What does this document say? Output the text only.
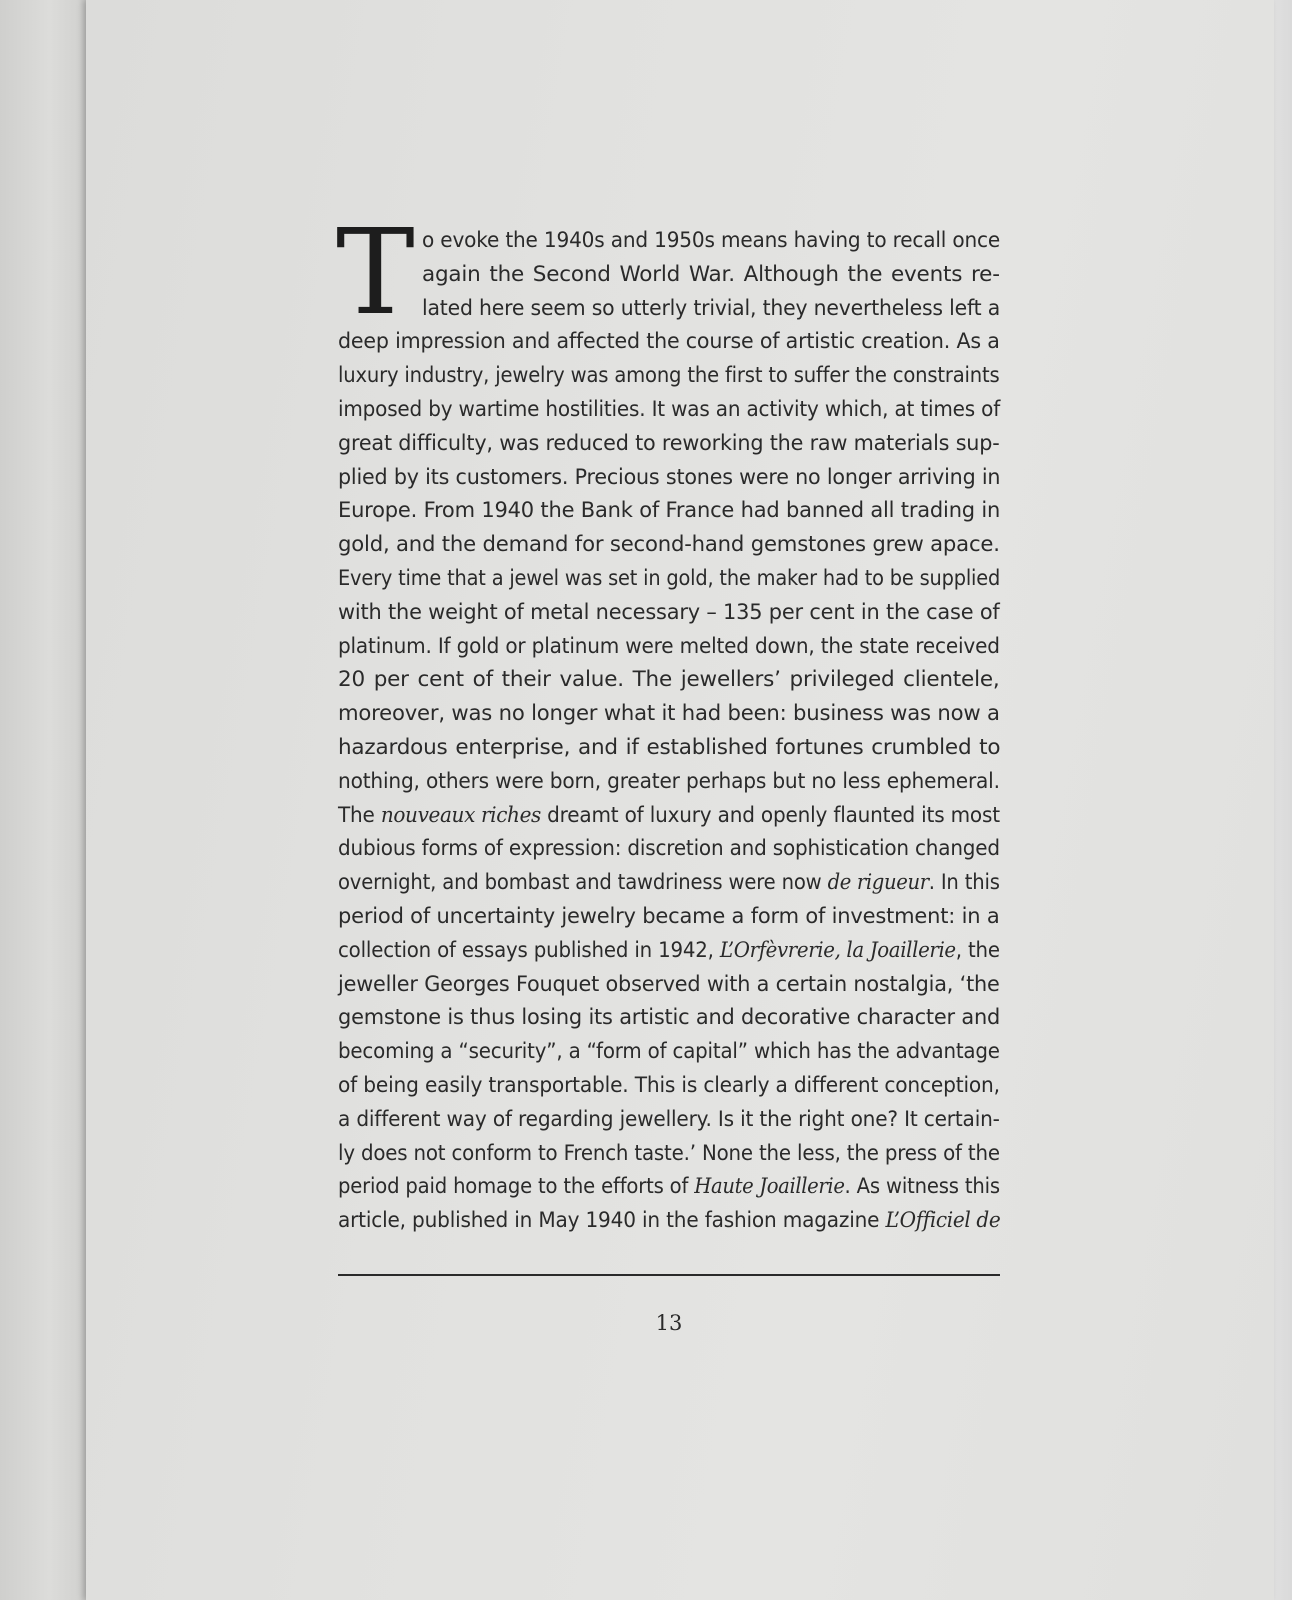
T o evoke the 1940s and 1950s means having to recall once
again the Second World War. Although the events re-
lated here seem so utterly trivial, they nevertheless left a
deep impression and affected the course of artistic creation. As a
luxury industry, jewelry was among the first to suffer the constraints
imposed by wartime hostilities. It was an activity which, at times of
great difficulty, was reduced to reworking the raw materials sup-
plied by its customers. Precious stones were no longer arriving in
Europe. From 1940 the Bank of France had banned all trading in
gold, and the demand for second-hand gemstones grew apace.
Every time that a jewel was set in gold, the maker had to be supplied
with the weight of metal necessary – 135 per cent in the case of
platinum. If gold or platinum were melted down, the state received
20 per cent of their value. The jewellers’ privileged clientele,
moreover, was no longer what it had been: business was now a
hazardous enterprise, and if established fortunes crumbled to
nothing, others were born, greater perhaps but no less ephemeral.
The nouveaux riches dreamt of luxury and openly flaunted its most
dubious forms of expression: discretion and sophistication changed
overnight, and bombast and tawdriness were now de rigueur. In this
period of uncertainty jewelry became a form of investment: in a
collection of essays published in 1942, L’Orfèvrerie, la Joaillerie, the
jeweller Georges Fouquet observed with a certain nostalgia, ‘the
gemstone is thus losing its artistic and decorative character and
becoming a “security”, a “form of capital” which has the advantage
of being easily transportable. This is clearly a different conception,
a different way of regarding jewellery. Is it the right one? It certain-
ly does not conform to French taste.’ None the less, the press of the
period paid homage to the efforts of Haute Joaillerie. As witness this
article, published in May 1940 in the fashion magazine L’Officiel de
13
